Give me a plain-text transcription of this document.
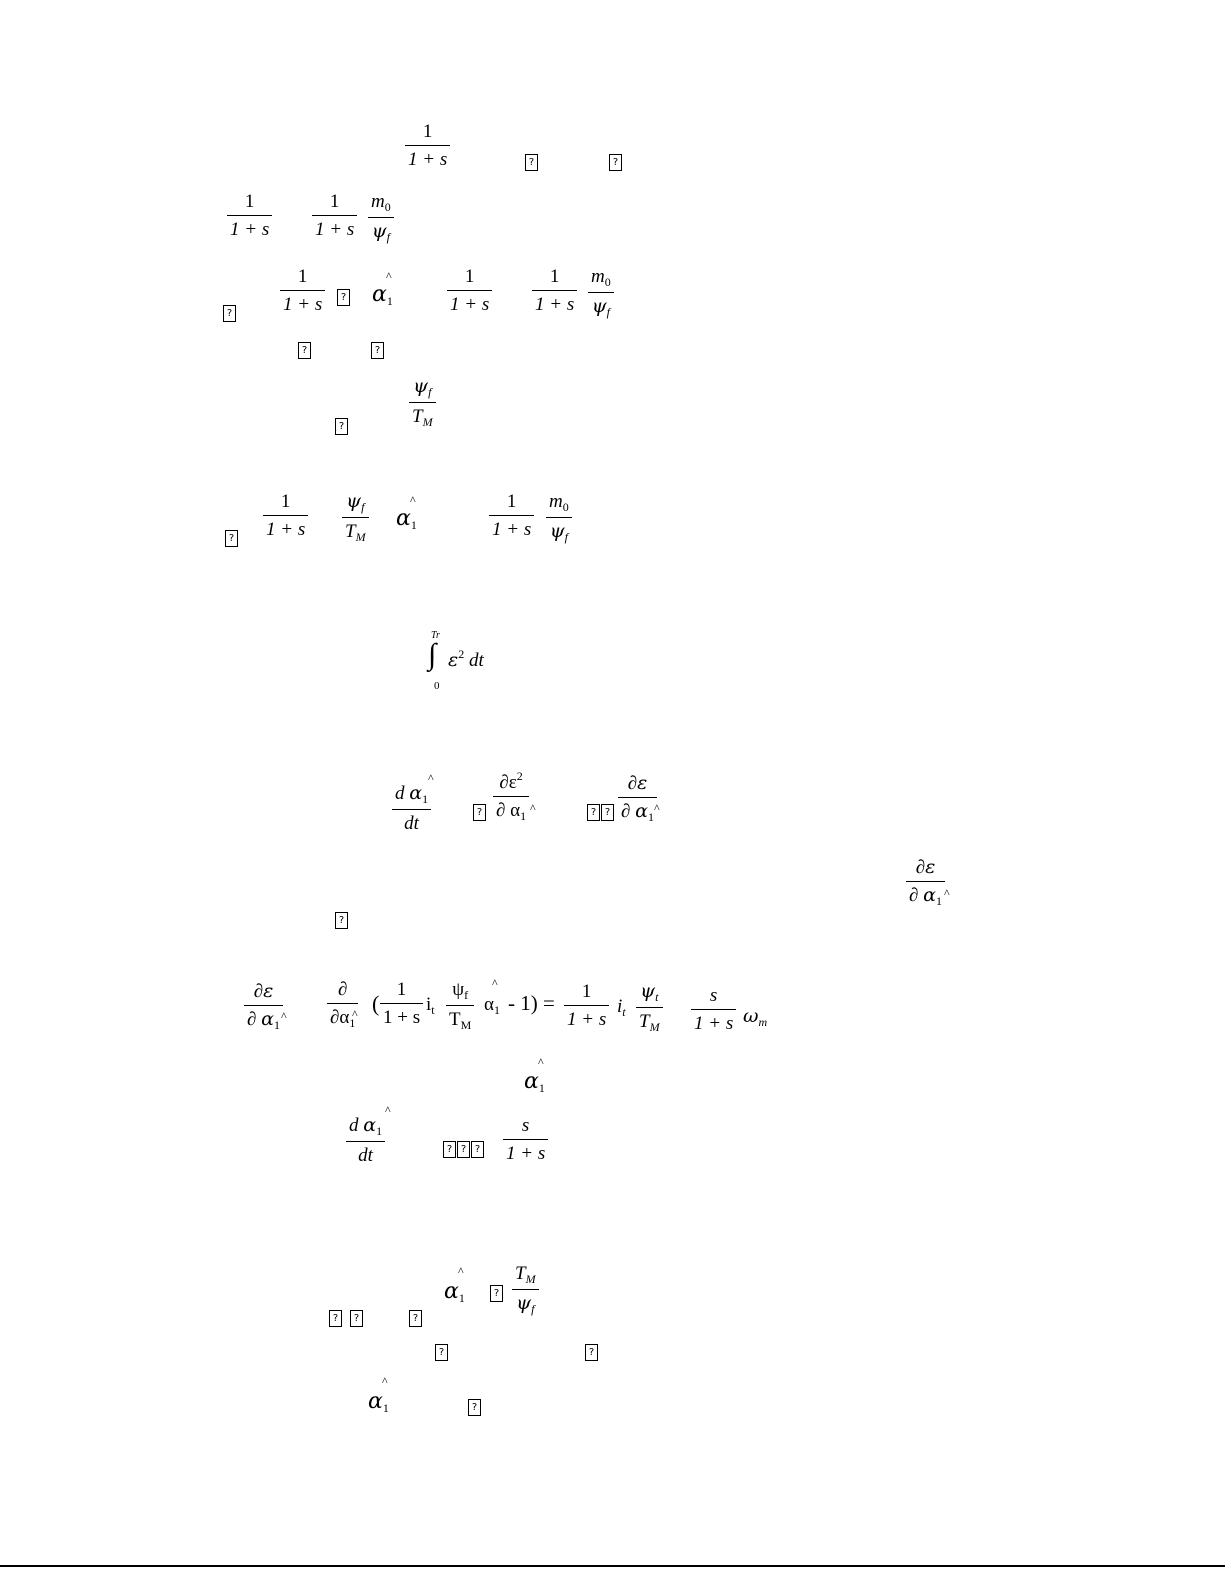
1
1 + s	?	?
1
1 + s
1
1 + s
$m_0$
$\psi_f$
?
1
1 + s	?
^
$\alpha_1$
1
1 + s
1
1 + s
$m_0$
$\psi_f$
?	?
?
$\psi_f$
$T_M$
?
1
1 + s
$\psi_f$
$T_M$
^
$\alpha_1$
1
1 + s
$m_0$
$\psi_f$
Tr
∫
0
$\varepsilon^2$ dt
^
d $\alpha_1$
dt
?
$\partial\varepsilon^2$
∂ $\alpha_1$
^	? ?
∂ε
∂ $\alpha_1$
^
∂ε
∂ $\alpha_1$
^
?
∂ε
∂ $\alpha_1$
^
∂
$\partial\alpha_1$
^ (
1
1 + s
$i_t$
$\psi_f$
$T_M$
^
$\alpha_1 - 1) = 1$
1 + s
$i_t$
$\psi_t$
$T_M$
s
1 + s $\omega_m$
^
$\alpha_1$
^
d $\alpha_1$
dt	? ? ?
s
1 + s
?	?	?
^
$\alpha_1$	?
$T_M$
$\psi_f$
?	?
^
$\alpha_1$	?
